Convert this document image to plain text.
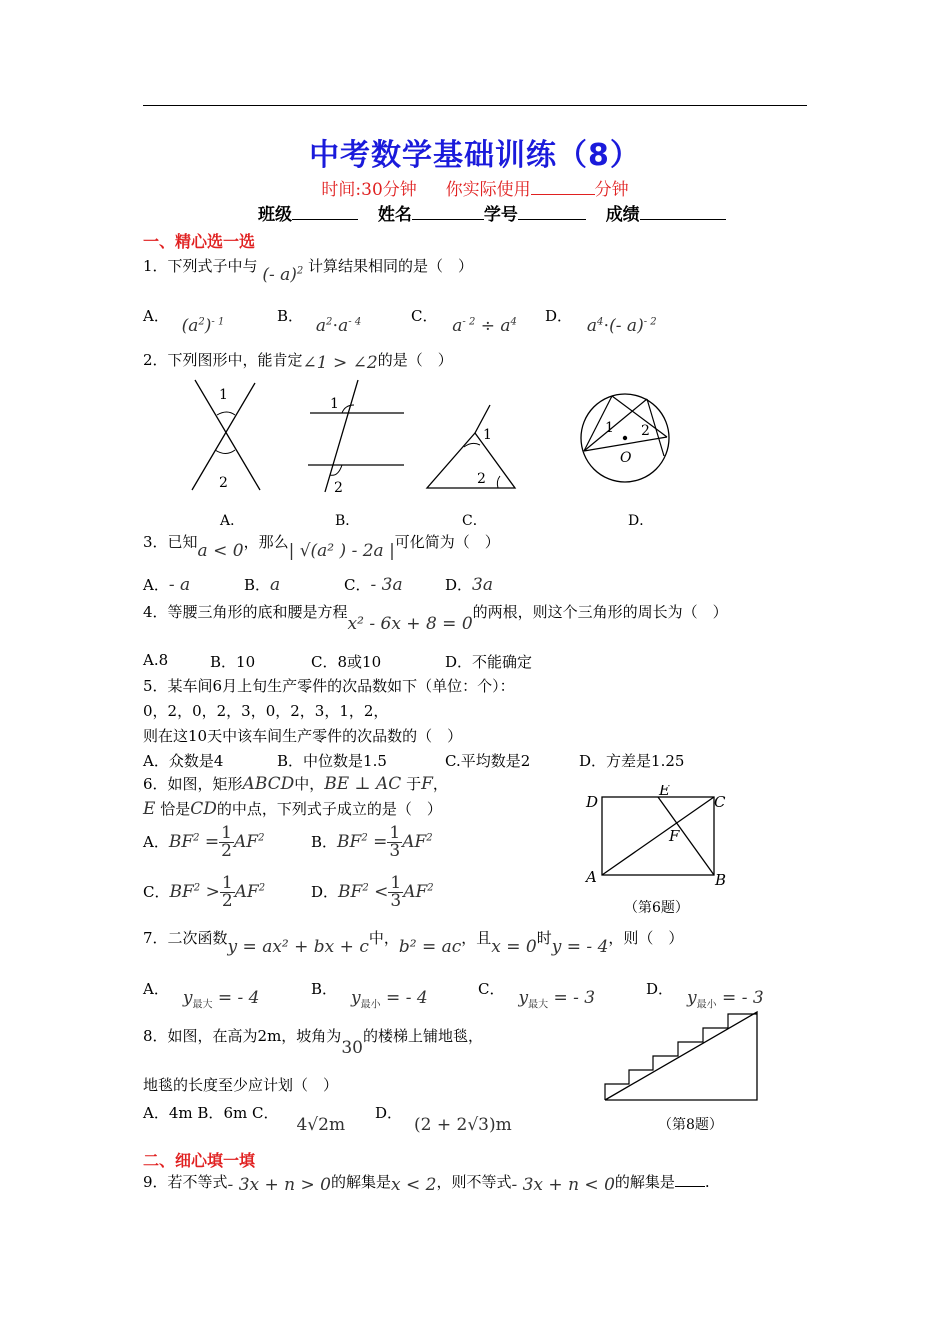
中考数学基础训练（8）
时间:30分钟 你实际使用	分钟
班级	姓名	学号	成绩
一、精心选一选
1．下列式子中与 (- a)$^2$ 计算结果相同的是（　）
A． $(a^2)^{- 1}$	B． $a^2\cdot a^{- 4}$	C． $a^{- 2} \div a^4$ D． $a^4\cdot(-$ a)$^{- 2}$
2．下列图形中，能肯定∠1 > ∠2的是（　）
1
2
1
2
1
2
1 2
O
A．	B．	C．	D．
3．已知a < 0，那么| √(a² ) - 2a |可化简为（　）
A．- a	B．a	C．- 3a	D．3a
4．等腰三角形的底和腰是方程x² - 6x + 8 = 0的两根，则这个三角形的周长为（　）
A.8	B．10	C．8或10	D．不能确定
5．某车间6月上旬生产零件的次品数如下（单位：个）：
0，2，0，2，3，0，2，3，1，2，
则在这10天中该车间生产零件的次品数的（　）
A．众数是4	B．中位数是1.5	C.平均数是2	D．方差是1.25
6．如图，矩形ABCD中，BE ⊥ AC 于F，
E 恰是CD的中点，下列式子成立的是（　）
A．$BF^2 = \frac{1}{2} AF^2$	B．$BF^2 = \frac{1}{3} AF^2$
C．$BF^2 > \frac{1}{2} AF^2$	D．$BF^2 < \frac{1}{3} AF^2$
D
E
C
F
A	B
（第6题）
7．二次函数y = ax² + bx + c中，b² = ac，且x = 0时y = - 4，则（　）
A． $y_{最大}$ = - 4	B． $y_{最小}$ = - 4	C． $y_{最大}$ = - 3	D． $y_{最小}$ = - 3
8．如图，在高为2m，坡角为30的楼梯上铺地毯，
地毯的长度至少应计划（　）
A．4m B．6m C．4√2m
D．(2 + 2√3)m	（第8题）
二、细心填一填
9．若不等式- 3x + n > 0的解集是x < 2，则不等式- 3x + n < 0的解集是 .
